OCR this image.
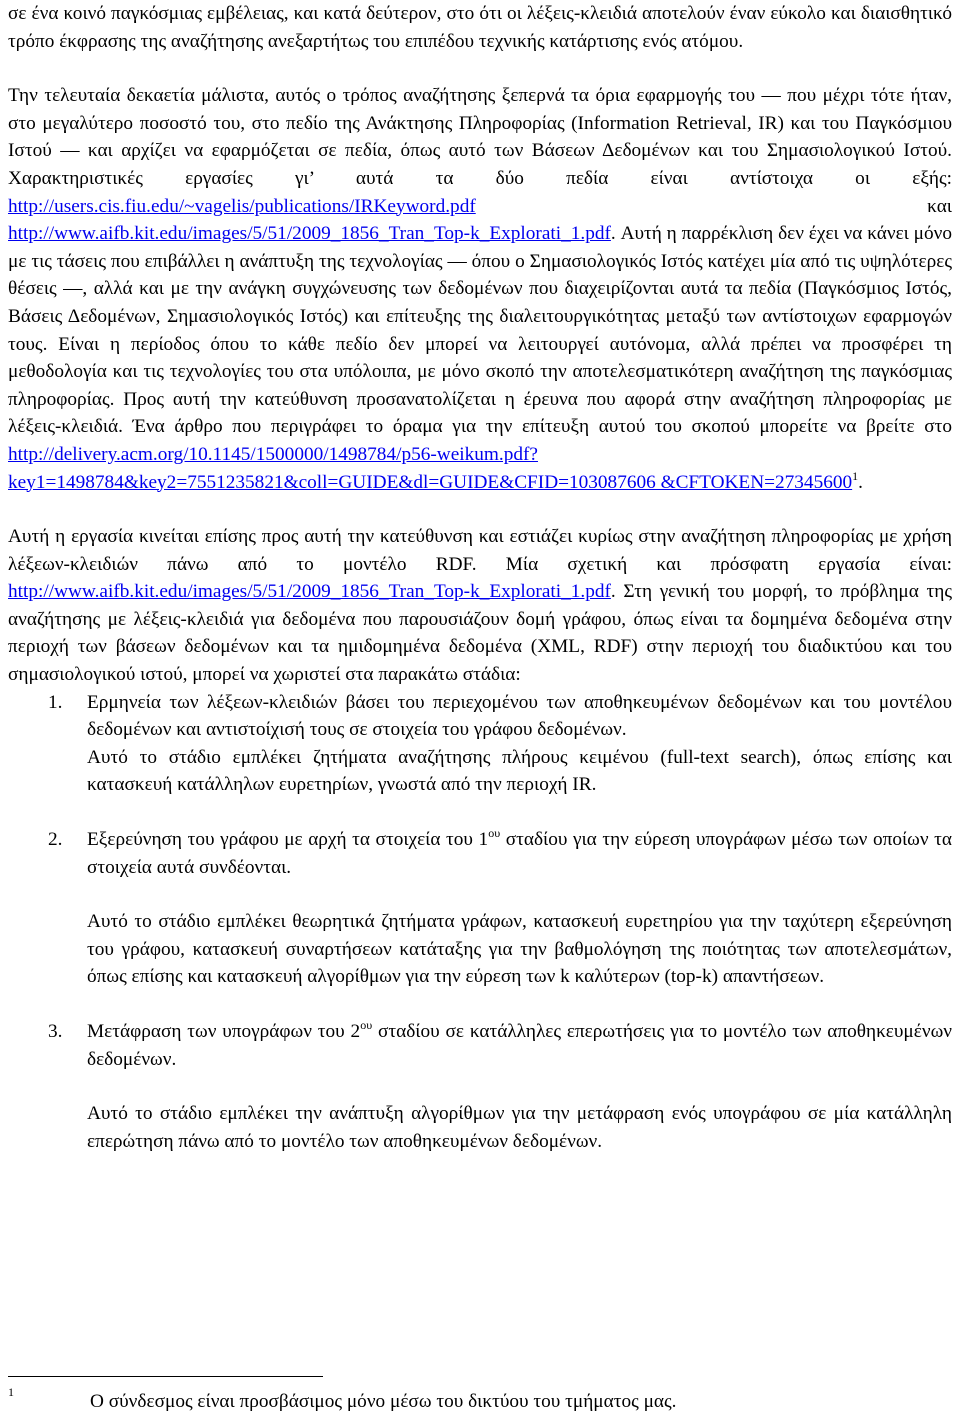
σε ένα κοινό παγκόσμιας εμβέλειας, και κατά δεύτερον, στο ότι οι λέξεις-κλειδιά αποτελούν έναν εύκολο και διαισθητικό τρόπο έκφρασης της αναζήτησης ανεξαρτήτως του επιπέδου τεχνικής κατάρτισης ενός ατόμου.

Την τελευταία δεκαετία μάλιστα, αυτός ο τρόπος αναζήτησης ξεπερνά τα όρια εφαρμογής του — που μέχρι τότε ήταν, στο μεγαλύτερο ποσοστό του, στο πεδίο της Ανάκτησης Πληροφορίας (Information Retrieval, IR) και του Παγκόσμιου Ιστού — και αρχίζει να εφαρμόζεται σε πεδία, όπως αυτό των Βάσεων Δεδομένων και του Σημασιολογικού Ιστού. Χαρακτηριστικές εργασίες γι’ αυτά τα δύο πεδία είναι αντίστοιχα οι εξής: http://users.cis.fiu.edu/~vagelis/publications/IRKeyword.pdf και http://www.aifb.kit.edu/images/5/51/2009_1856_Tran_Top-k_Explorati_1.pdf. Αυτή η παρρέκλιση δεν έχει να κάνει μόνο με τις τάσεις που επιβάλλει η ανάπτυξη της τεχνολογίας — όπου ο Σημασιολογικός Ιστός κατέχει μία από τις υψηλότερες θέσεις —, αλλά και με την ανάγκη συγχώνευσης των δεδομένων που διαχειρίζονται αυτά τα πεδία (Παγκόσμιος Ιστός, Βάσεις Δεδομένων, Σημασιολογικός Ιστός) και επίτευξης της διαλειτουργικότητας μεταξύ των αντίστοιχων εφαρμογών τους. Είναι η περίοδος όπου το κάθε πεδίο δεν μπορεί να λειτουργεί αυτόνομα, αλλά πρέπει να προσφέρει τη μεθοδολογία και τις τεχνολογίες του στα υπόλοιπα, με μόνο σκοπό την αποτελεσματικότερη αναζήτηση της παγκόσμιας πληροφορίας. Προς αυτή την κατεύθυνση προσανατολίζεται η έρευνα που αφορά στην αναζήτηση πληροφορίας με λέξεις-κλειδιά. Ένα άρθρο που περιγράφει το όραμα για την επίτευξη αυτού του σκοπού μπορείτε να βρείτε στο http://delivery.acm.org/10.1145/1500000/1498784/p56-weikum.pdf?key1=1498784&key2=7551235821&coll=GUIDE&dl=GUIDE&CFID=103087606 $\&CFTOKEN=27345600^1$.

Αυτή η εργασία κινείται επίσης προς αυτή την κατεύθυνση και εστιάζει κυρίως στην αναζήτηση πληροφορίας με χρήση λέξεων-κλειδιών πάνω από το μοντέλο RDF. Μία σχετική και πρόσφατη εργασία είναι: http://www.aifb.kit.edu/images/5/51/2009_1856_Tran_Top-k_Explorati_1.pdf. Στη γενική του μορφή, το πρόβλημα της αναζήτησης με λέξεις-κλειδιά για δεδομένα που παρουσιάζουν δομή γράφου, όπως είναι τα δομημένα δεδομένα στην περιοχή των βάσεων δεδομένων και τα ημιδομημένα δεδομένα (XML, RDF) στην περιοχή του διαδικτύου και του σημασιολογικού ιστού, μπορεί να χωριστεί στα παρακάτω στάδια:

1. Ερμηνεία των λέξεων-κλειδιών βάσει του περιεχομένου των αποθηκευμένων δεδομένων και του μοντέλου δεδομένων και αντιστοίχισή τους σε στοιχεία του γράφου δεδομένων.

Αυτό το στάδιο εμπλέκει ζητήματα αναζήτησης πλήρους κειμένου (full-text search), όπως επίσης και κατασκευή κατάλληλων ευρετηρίων, γνωστά από την περιοχή IR.

2. Εξερεύνηση του γράφου με αρχή τα στοιχεία του $1^{o\upsilon}$ σταδίου για την εύρεση υπογράφων μέσω των οποίων τα στοιχεία αυτά συνδέονται.

Αυτό το στάδιο εμπλέκει θεωρητικά ζητήματα γράφων, κατασκευή ευρετηρίου για την ταχύτερη εξερεύνηση του γράφου, κατασκευή συναρτήσεων κατάταξης για την βαθμολόγηση της ποιότητας των αποτελεσμάτων, όπως επίσης και κατασκευή αλγορίθμων για την εύρεση των k καλύτερων (top-k) απαντήσεων.

3. Μετάφραση των υπογράφων του $2^{o\upsilon}$ σταδίου σε κατάλληλες επερωτήσεις για το μοντέλο των αποθηκευμένων δεδομένων.

Αυτό το στάδιο εμπλέκει την ανάπτυξη αλγορίθμων για την μετάφραση ενός υπογράφου σε μία κατάλληλη επερώτηση πάνω από το μοντέλο των αποθηκευμένων δεδομένων.

1	Ο σύνδεσμος είναι προσβάσιμος μόνο μέσω του δικτύου του τμήματος μας.
